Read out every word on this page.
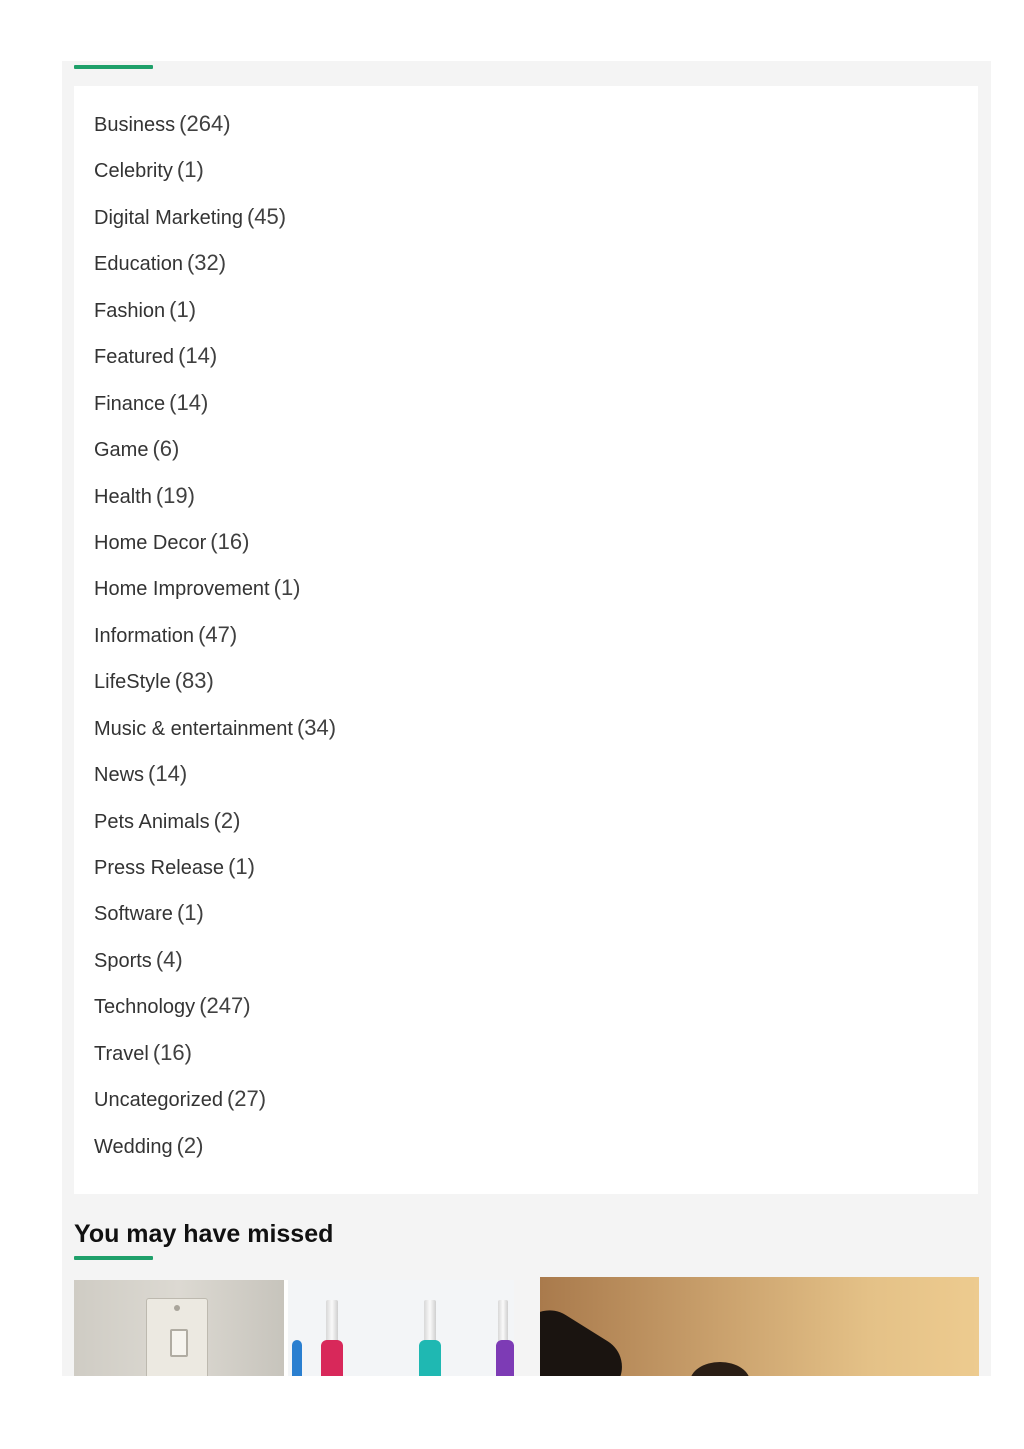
Business (264)
Celebrity (1)
Digital Marketing (45)
Education (32)
Fashion (1)
Featured (14)
Finance (14)
Game (6)
Health (19)
Home Decor (16)
Home Improvement (1)
Information (47)
LifeStyle (83)
Music & entertainment (34)
News (14)
Pets Animals (2)
Press Release (1)
Software (1)
Sports (4)
Technology (247)
Travel (16)
Uncategorized (27)
Wedding (2)
You may have missed
